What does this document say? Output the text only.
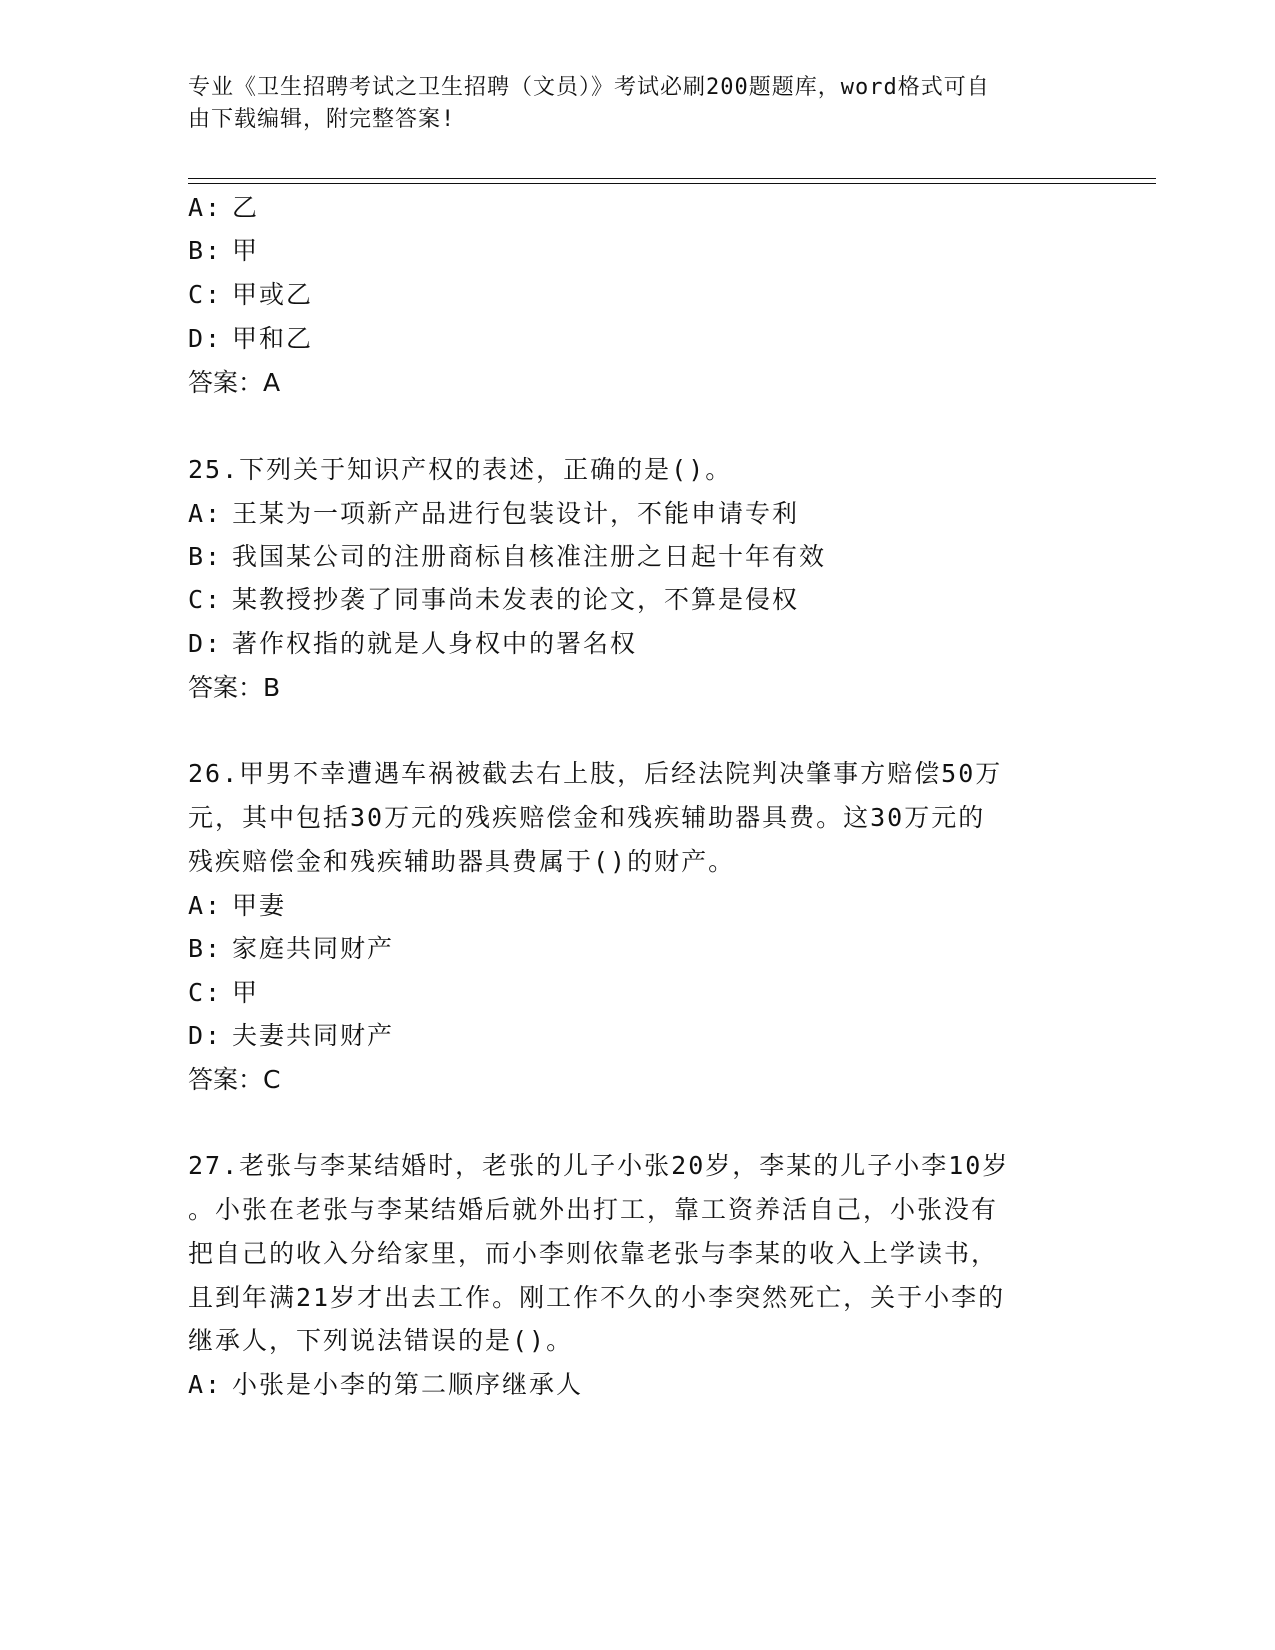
专业《卫生招聘考试之卫生招聘（文员）》考试必刷200题题库，word格式可自
由下载编辑，附完整答案!
A: 乙
B: 甲
C: 甲或乙
D: 甲和乙
答案：A
25.下列关于知识产权的表述，正确的是()。
A: 王某为一项新产品进行包装设计，不能申请专利
B: 我国某公司的注册商标自核准注册之日起十年有效
C: 某教授抄袭了同事尚未发表的论文，不算是侵权
D: 著作权指的就是人身权中的署名权
答案：B
26.甲男不幸遭遇车祸被截去右上肢，后经法院判决肇事方赔偿50万
元，其中包括30万元的残疾赔偿金和残疾辅助器具费。这30万元的
残疾赔偿金和残疾辅助器具费属于()的财产。
A: 甲妻
B: 家庭共同财产
C: 甲
D: 夫妻共同财产
答案：C
27.老张与李某结婚时，老张的儿子小张20岁，李某的儿子小李10岁
。小张在老张与李某结婚后就外出打工，靠工资养活自己，小张没有
把自己的收入分给家里，而小李则依靠老张与李某的收入上学读书，
且到年满21岁才出去工作。刚工作不久的小李突然死亡，关于小李的
继承人，下列说法错误的是()。
A: 小张是小李的第二顺序继承人
